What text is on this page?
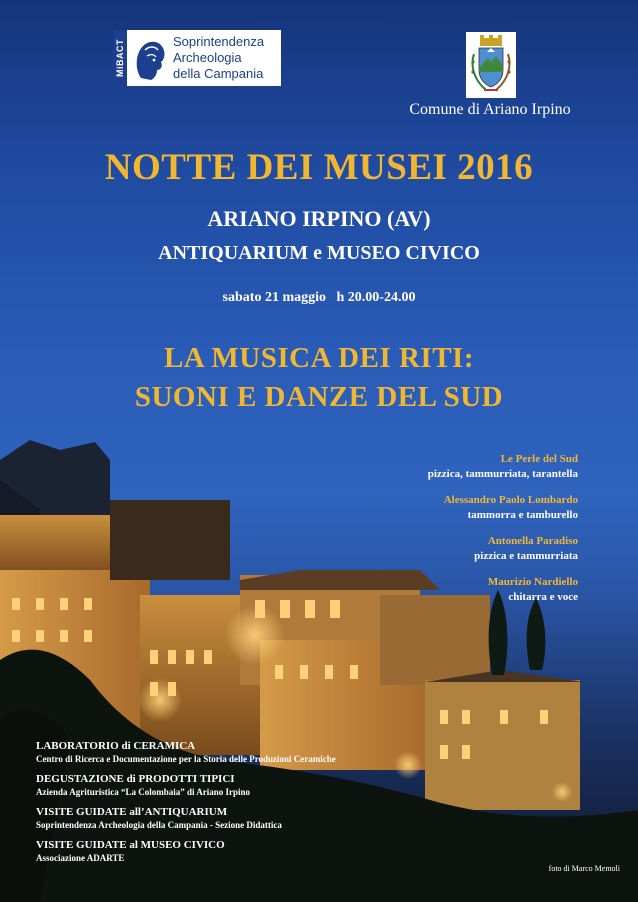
MiBACT	Soprintendenza
Archeologia
della Campania
Comune di Ariano Irpino
NOTTE DEI MUSEI 2016
ARIANO IRPINO (AV)
ANTIQUARIUM e MUSEO CIVICO
sabato 21 maggio   h 20.00-24.00
LA MUSICA DEI RITI:
SUONI E DANZE DEL SUD
Le Perle del Sud
pizzica, tammurriata, tarantella
Alessandro Paolo Lombardo
tammorra e tamburello
Antonella Paradiso
pizzica e tammurriata
Maurizio Nardiello
chitarra e voce
LABORATORIO di CERAMICA
Centro di Ricerca e Documentazione per la Storia delle Produzioni Ceramiche
DEGUSTAZIONE di PRODOTTI TIPICI
Azienda Agrituristica “La Colombaia” di Ariano Irpino
VISITE GUIDATE all’ANTIQUARIUM
Soprintendenza Archeologia della Campania - Sezione Didattica
VISITE GUIDATE al MUSEO CIVICO
Associazione ADARTE
foto di Marco Memoli
